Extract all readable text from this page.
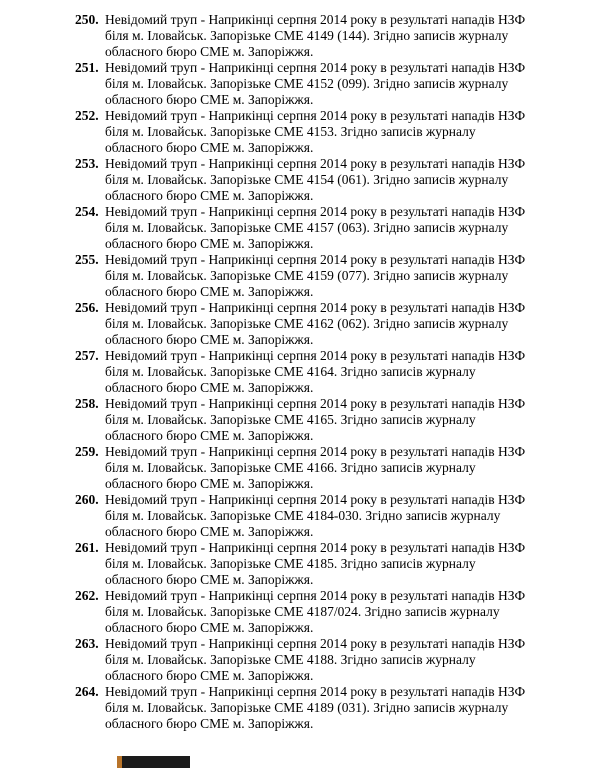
250. Невідомий труп - Наприкінці серпня 2014 року в результаті нападів НЗФ
біля м. Іловайськ. Запорізьке СМЕ 4149 (144). Згідно записів журналу
обласного бюро СМЕ м. Запоріжжя.
251. Невідомий труп - Наприкінці серпня 2014 року в результаті нападів НЗФ
біля м. Іловайськ. Запорізьке СМЕ 4152 (099). Згідно записів журналу
обласного бюро СМЕ м. Запоріжжя.
252. Невідомий труп - Наприкінці серпня 2014 року в результаті нападів НЗФ
біля м. Іловайськ. Запорізьке СМЕ 4153. Згідно записів журналу
обласного бюро СМЕ м. Запоріжжя.
253. Невідомий труп - Наприкінці серпня 2014 року в результаті нападів НЗФ
біля м. Іловайськ. Запорізьке СМЕ 4154 (061). Згідно записів журналу
обласного бюро СМЕ м. Запоріжжя.
254. Невідомий труп - Наприкінці серпня 2014 року в результаті нападів НЗФ
біля м. Іловайськ. Запорізьке СМЕ 4157 (063). Згідно записів журналу
обласного бюро СМЕ м. Запоріжжя.
255. Невідомий труп - Наприкінці серпня 2014 року в результаті нападів НЗФ
біля м. Іловайськ. Запорізьке СМЕ 4159 (077). Згідно записів журналу
обласного бюро СМЕ м. Запоріжжя.
256. Невідомий труп - Наприкінці серпня 2014 року в результаті нападів НЗФ
біля м. Іловайськ. Запорізьке СМЕ 4162 (062). Згідно записів журналу
обласного бюро СМЕ м. Запоріжжя.
257. Невідомий труп - Наприкінці серпня 2014 року в результаті нападів НЗФ
біля м. Іловайськ. Запорізьке СМЕ 4164. Згідно записів журналу
обласного бюро СМЕ м. Запоріжжя.
258. Невідомий труп - Наприкінці серпня 2014 року в результаті нападів НЗФ
біля м. Іловайськ. Запорізьке СМЕ 4165. Згідно записів журналу
обласного бюро СМЕ м. Запоріжжя.
259. Невідомий труп - Наприкінці серпня 2014 року в результаті нападів НЗФ
біля м. Іловайськ. Запорізьке СМЕ 4166. Згідно записів журналу
обласного бюро СМЕ м. Запоріжжя.
260. Невідомий труп - Наприкінці серпня 2014 року в результаті нападів НЗФ
біля м. Іловайськ. Запорізьке СМЕ 4184-030. Згідно записів журналу
обласного бюро СМЕ м. Запоріжжя.
261. Невідомий труп - Наприкінці серпня 2014 року в результаті нападів НЗФ
біля м. Іловайськ. Запорізьке СМЕ 4185. Згідно записів журналу
обласного бюро СМЕ м. Запоріжжя.
262. Невідомий труп - Наприкінці серпня 2014 року в результаті нападів НЗФ
біля м. Іловайськ. Запорізьке СМЕ 4187/024. Згідно записів журналу
обласного бюро СМЕ м. Запоріжжя.
263. Невідомий труп - Наприкінці серпня 2014 року в результаті нападів НЗФ
біля м. Іловайськ. Запорізьке СМЕ 4188. Згідно записів журналу
обласного бюро СМЕ м. Запоріжжя.
264. Невідомий труп - Наприкінці серпня 2014 року в результаті нападів НЗФ
біля м. Іловайськ. Запорізьке СМЕ 4189 (031). Згідно записів журналу
обласного бюро СМЕ м. Запоріжжя.
